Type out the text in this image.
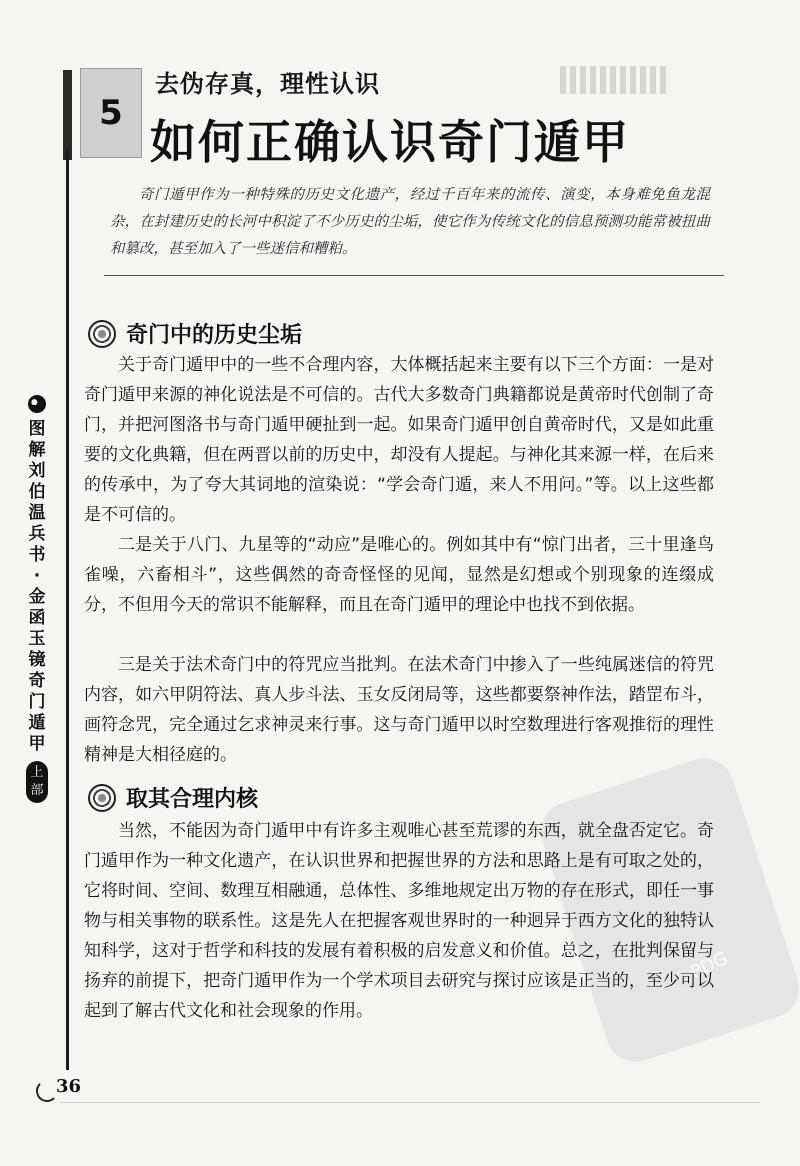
5
去伪存真，理性认识
如何正确认识奇门遁甲
奇门遁甲作为一种特殊的历史文化遗产，经过千百年来的流传、演变，本身难免鱼龙混杂，在封建历史的长河中积淀了不少历史的尘垢，使它作为传统文化的信息预测功能常被扭曲和篡改，甚至加入了一些迷信和糟粕。
图解刘伯温兵书·金函玉镜奇门遁甲
上部
奇门中的历史尘垢
关于奇门遁甲中的一些不合理内容，大体概括起来主要有以下三个方面：一是对奇门遁甲来源的神化说法是不可信的。古代大多数奇门典籍都说是黄帝时代创制了奇门，并把河图洛书与奇门遁甲硬扯到一起。如果奇门遁甲创自黄帝时代，又是如此重要的文化典籍，但在两晋以前的历史中，却没有人提起。与神化其来源一样，在后来的传承中，为了夸大其词地的渲染说：“学会奇门遁，来人不用问。”等。以上这些都是不可信的。
二是关于八门、九星等的“动应”是唯心的。例如其中有“惊门出者，三十里逢鸟雀噪，六畜相斗”，这些偶然的奇奇怪怪的见闻，显然是幻想或个别现象的连缀成分，不但用今天的常识不能解释，而且在奇门遁甲的理论中也找不到依据。
三是关于法术奇门中的符咒应当批判。在法术奇门中掺入了一些纯属迷信的符咒内容，如六甲阴符法、真人步斗法、玉女反闭局等，这些都要祭神作法，踏罡布斗，画符念咒，完全通过乞求神灵来行事。这与奇门遁甲以时空数理进行客观推衍的理性精神是大相径庭的。
取其合理内核
当然，不能因为奇门遁甲中有许多主观唯心甚至荒谬的东西，就全盘否定它。奇门遁甲作为一种文化遗产，在认识世界和把握世界的方法和思路上是有可取之处的，它将时间、空间、数理互相融通，总体性、多维地规定出万物的存在形式，即任一事物与相关事物的联系性。这是先人在把握客观世界时的一种迥异于西方文化的独特认知科学，这对于哲学和科技的发展有着积极的启发意义和价值。总之，在批判保留与扬弃的前提下，把奇门遁甲作为一个学术项目去研究与探讨应该是正当的，至少可以起到了解古代文化和社会现象的作用。
PDG
36
